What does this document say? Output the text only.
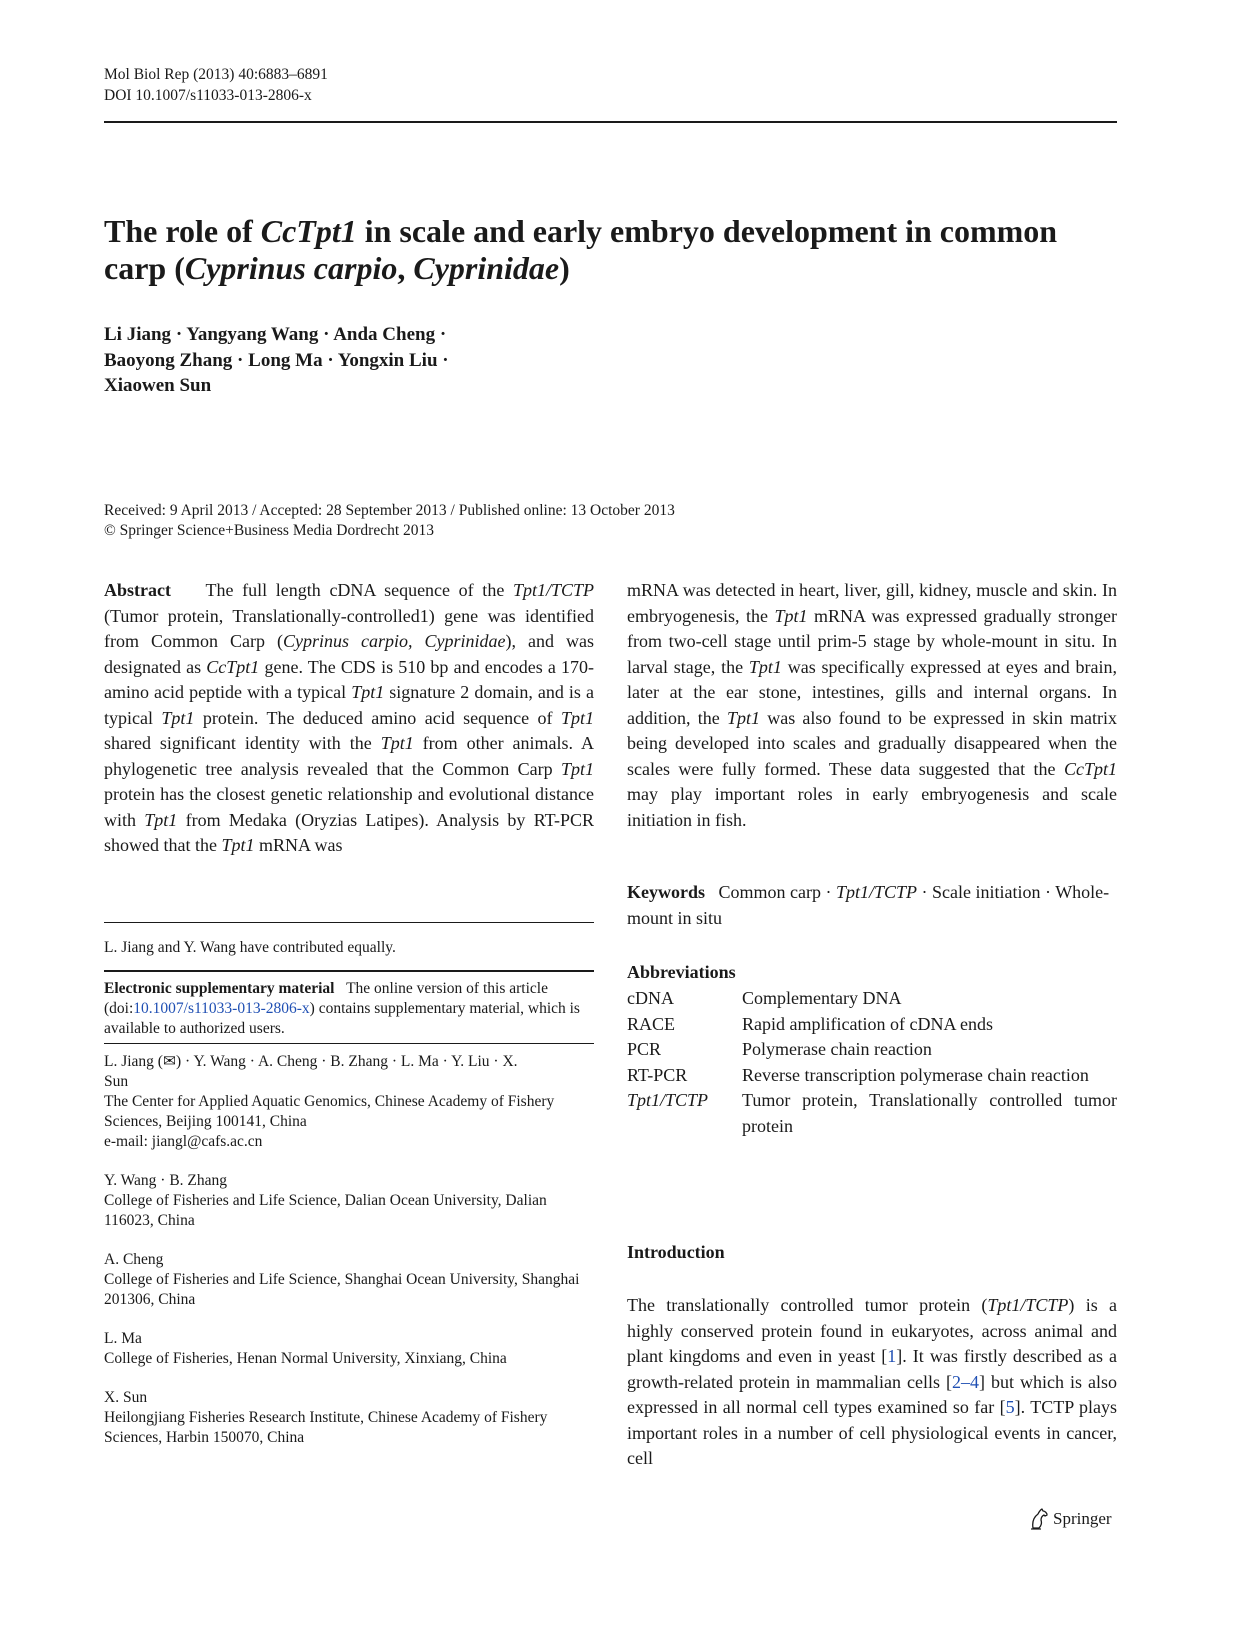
Mol Biol Rep (2013) 40:6883–6891
DOI 10.1007/s11033-013-2806-x
The role of CcTpt1 in scale and early embryo development in common carp (Cyprinus carpio, Cyprinidae)
Li Jiang · Yangyang Wang · Anda Cheng ·
Baoyong Zhang · Long Ma · Yongxin Liu ·
Xiaowen Sun
Received: 9 April 2013 / Accepted: 28 September 2013 / Published online: 13 October 2013
© Springer Science+Business Media Dordrecht 2013
Abstract The full length cDNA sequence of the Tpt1/TCTP (Tumor protein, Translationally-controlled1) gene was identified from Common Carp (Cyprinus carpio, Cyprinidae), and was designated as CcTpt1 gene. The CDS is 510 bp and encodes a 170-amino acid peptide with a typical Tpt1 signature 2 domain, and is a typical Tpt1 protein. The deduced amino acid sequence of Tpt1 shared significant identity with the Tpt1 from other animals. A phylogenetic tree analysis revealed that the Common Carp Tpt1 protein has the closest genetic relationship and evolutional distance with Tpt1 from Medaka (Oryzias Latipes). Analysis by RT-PCR showed that the Tpt1 mRNA was

L. Jiang and Y. Wang have contributed equally.

Electronic supplementary material The online version of this article (doi:10.1007/s11033-013-2806-x) contains supplementary material, which is available to authorized users.

L. Jiang (✉) · Y. Wang · A. Cheng · B. Zhang · L. Ma · Y. Liu · X. Sun

The Center for Applied Aquatic Genomics, Chinese Academy of Fishery Sciences, Beijing 100141, China

e-mail: jiangl@cafs.ac.cn

Y. Wang · B. Zhang

College of Fisheries and Life Science, Dalian Ocean University, Dalian 116023, China

A. Cheng

College of Fisheries and Life Science, Shanghai Ocean University, Shanghai 201306, China

L. Ma

College of Fisheries, Henan Normal University, Xinxiang, China

X. Sun

Heilongjiang Fisheries Research Institute, Chinese Academy of Fishery Sciences, Harbin 150070, China

mRNA was detected in heart, liver, gill, kidney, muscle and skin. In embryogenesis, the Tpt1 mRNA was expressed gradually stronger from two-cell stage until prim-5 stage by whole-mount in situ. In larval stage, the Tpt1 was specifically expressed at eyes and brain, later at the ear stone, intestines, gills and internal organs. In addition, the Tpt1 was also found to be expressed in skin matrix being developed into scales and gradually disappeared when the scales were fully formed. These data suggested that the CcTpt1 may play important roles in early embryogenesis and scale initiation in fish.
Keywords Common carp · Tpt1/TCTP · Scale initiation · Whole-mount in situ
Abbreviations
cDNA	Complementary DNA
RACE	Rapid amplification of cDNA ends
PCR	Polymerase chain reaction
RT-PCR	Reverse transcription polymerase chain reaction
Tpt1/TCTP	Tumor protein, Translationally controlled tumor protein
Introduction
The translationally controlled tumor protein (Tpt1/TCTP) is a highly conserved protein found in eukaryotes, across animal and plant kingdoms and even in yeast [1]. It was firstly described as a growth-related protein in mammalian cells [2–4] but which is also expressed in all normal cell types examined so far [5]. TCTP plays important roles in a number of cell physiological events in cancer, cell
Springer
